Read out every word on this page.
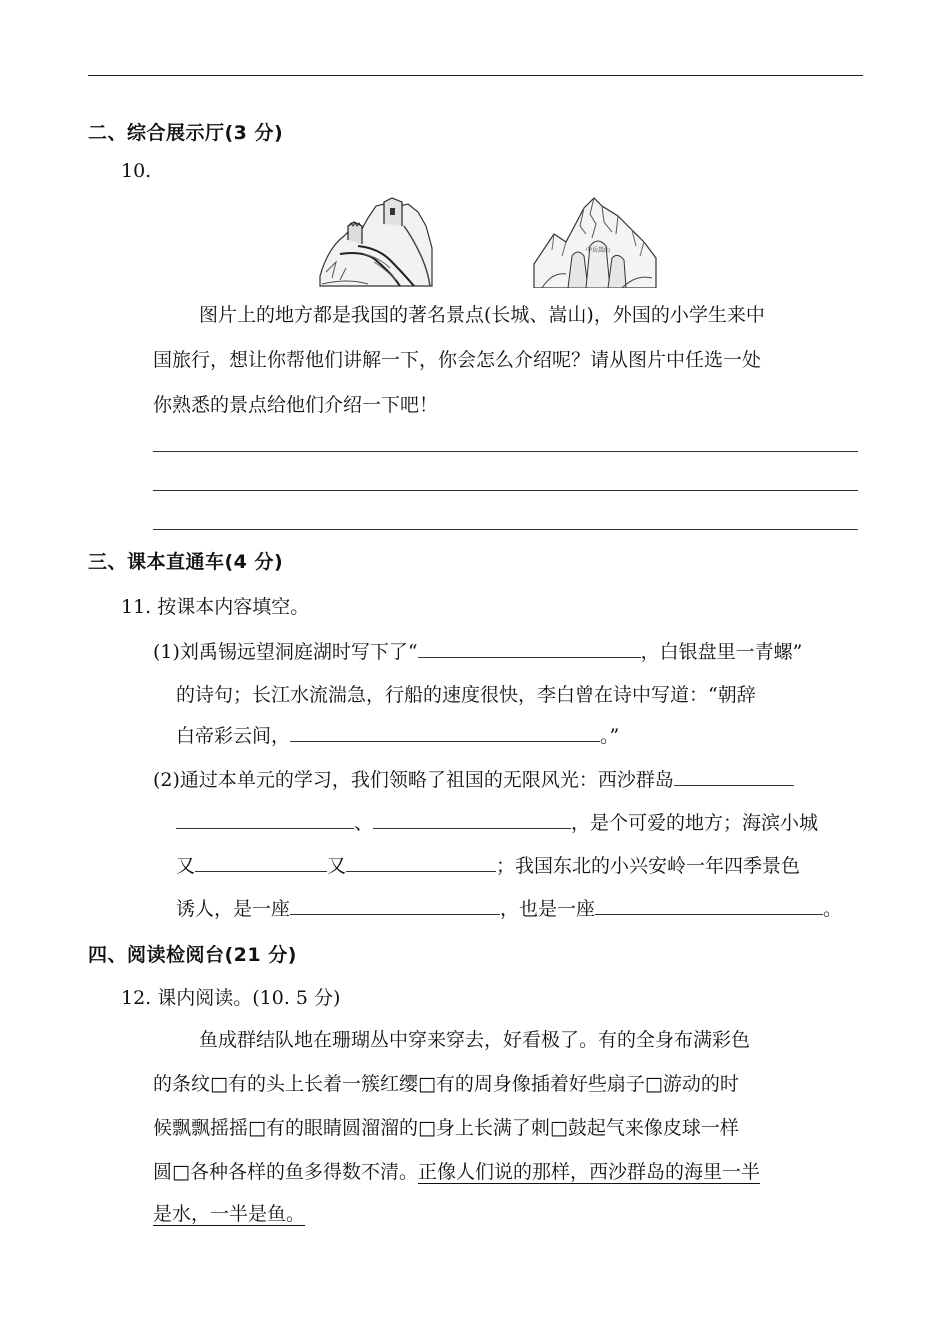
二、综合展示厅(3 分)
10.
中岳嵩山
图片上的地方都是我国的著名景点(长城、嵩山)，外国的小学生来中
国旅行，想让你帮他们讲解一下，你会怎么介绍呢？请从图片中任选一处
你熟悉的景点给他们介绍一下吧！
三、课本直通车(4 分)
11. 按课本内容填空。
(1)刘禹锡远望洞庭湖时写下了“	，白银盘里一青螺”
的诗句；长江水流湍急，行船的速度很快，李白曾在诗中写道：“朝辞
白帝彩云间，	。”
(2)通过本单元的学习，我们领略了祖国的无限风光：西沙群岛
、	，是个可爱的地方；海滨小城
又	又	；我国东北的小兴安岭一年四季景色
诱人，是一座	，也是一座	。
四、阅读检阅台(21 分)
12. 课内阅读。(10. 5 分)
鱼成群结队地在珊瑚丛中穿来穿去，好看极了。有的全身布满彩色
的条纹□有的头上长着一簇红缨□有的周身像插着好些扇子□游动的时
候飘飘摇摇□有的眼睛圆溜溜的□身上长满了刺□鼓起气来像皮球一样
圆□各种各样的鱼多得数不清。正像人们说的那样，西沙群岛的海里一半
是水，一半是鱼。
